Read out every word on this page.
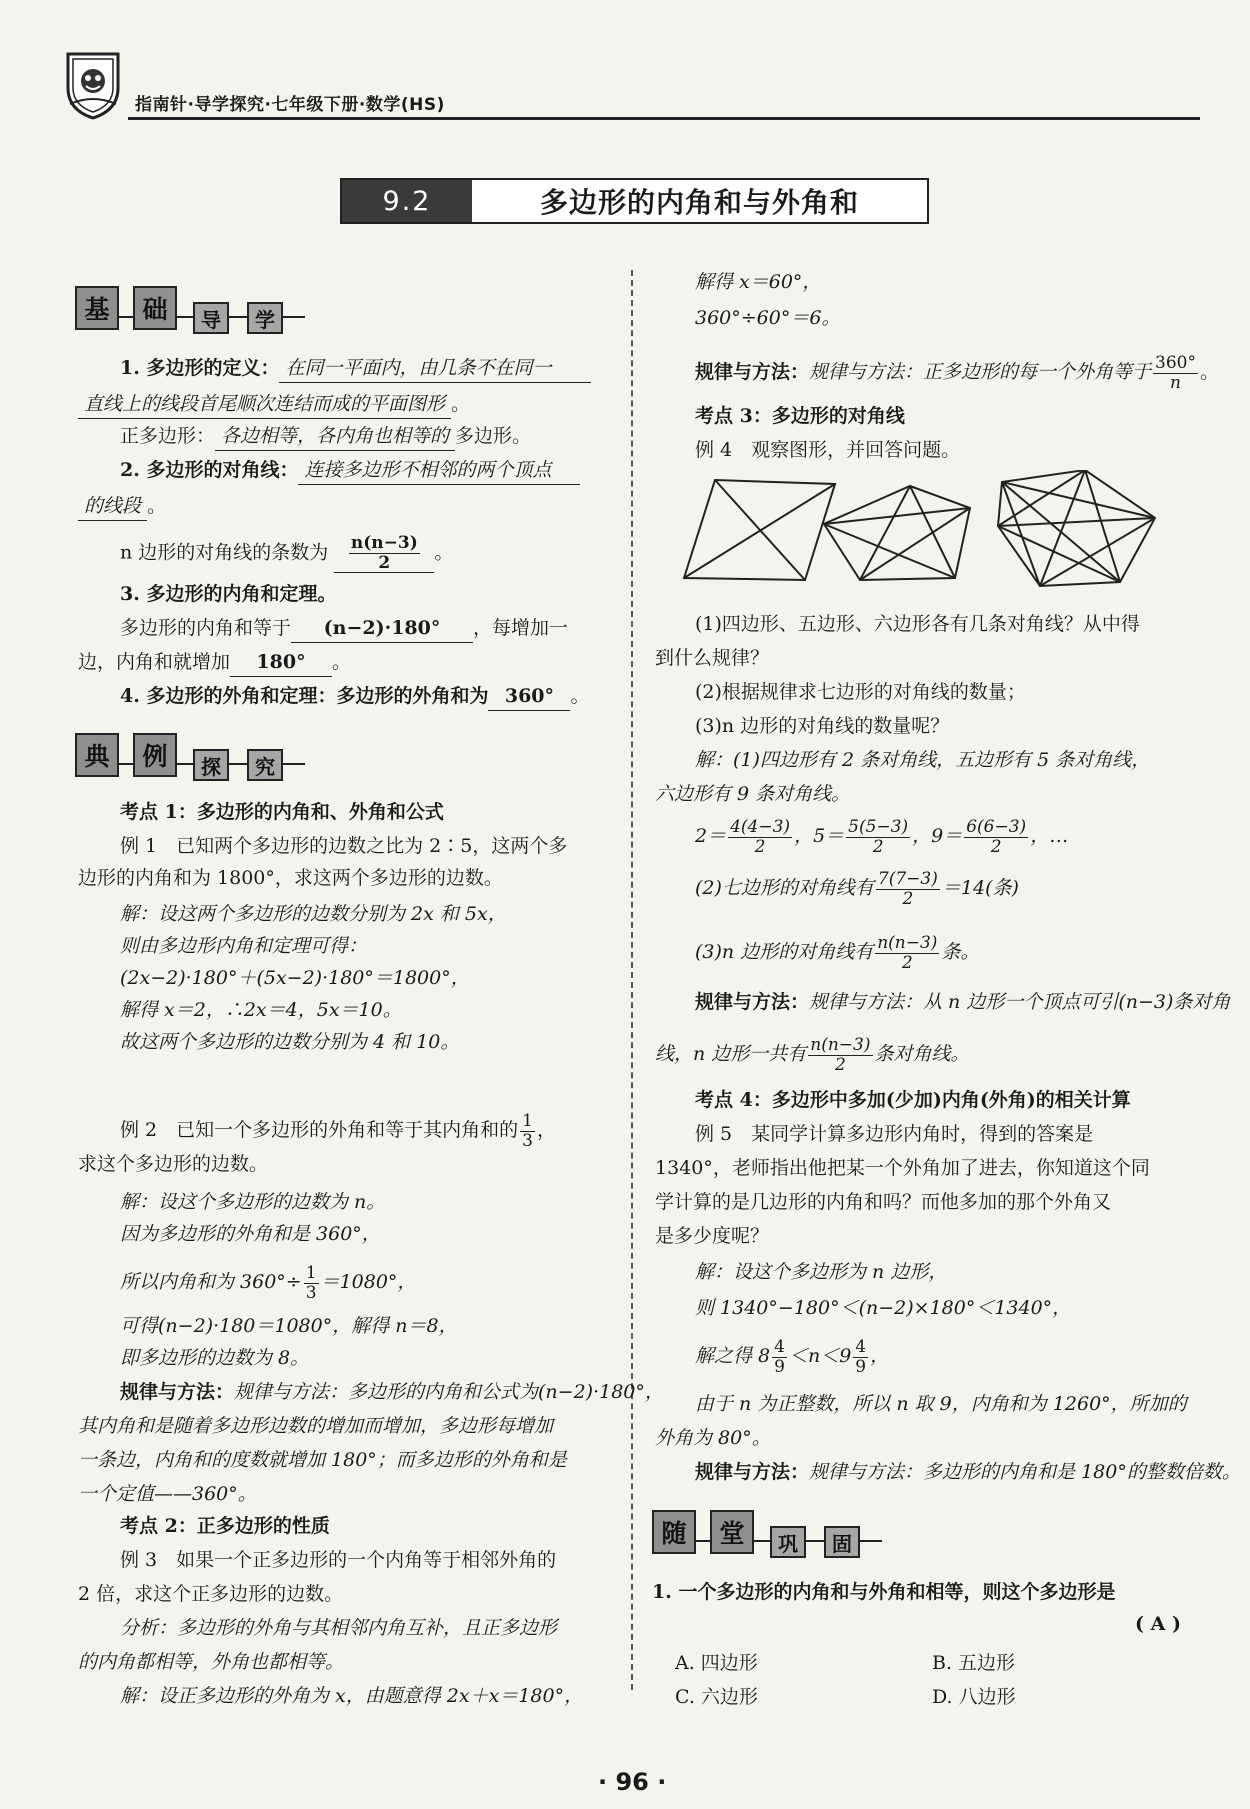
指南针·导学探究·七年级下册·数学(HS)
9.2	多边形的内角和与外角和
基	础	导	学
1. 多边形的定义： 在同一平面内，由几条不在同一
直线上的线段首尾顺次连结而成的平面图形 。
正多边形： 各边相等，各内角也相等的 多边形。
2. 多边形的对角线： 连接多边形不相邻的两个顶点
的线段 。
n 边形的对角线的条数为 $\frac{n(n-3)}{2}$ 。
3. 多边形的内角和定理。
多边形的内角和等于 (n−2)·180° ，每增加一
边，内角和就增加 180° 。
4. 多边形的外角和定理：多边形的外角和为 360° 。
典	例	探	究
考点 1：多边形的内角和、外角和公式
例 1　已知两个多边形的边数之比为 2∶5，这两个多
边形的内角和为 1800°，求这两个多边形的边数。
解：设这两个多边形的边数分别为 2x 和 5x，
则由多边形内角和定理可得：
(2x−2)·180°＋(5x−2)·180°＝1800°，
解得 x＝2，∴2x＝4，5x＝10。
故这两个多边形的边数分别为 4 和 10。
例 2　已知一个多边形的外角和等于其内角和的 $\frac{1}{3}$ ，
求这个多边形的边数。
解：设这个多边形的边数为 n。
因为多边形的外角和是 360°，
所以内角和为 $360^\circ\div \frac{1}{3} =1080^\circ$，
可得(n−2)·180＝1080°，解得 n＝8，
即多边形的边数为 8。
规律与方法：规律与方法：多边形的内角和公式为(n−2)·180°，
其内角和是随着多边形边数的增加而增加，多边形每增加
一条边，内角和的度数就增加 180°；而多边形的外角和是
一个定值——360°。
考点 2：正多边形的性质
例 3　如果一个正多边形的一个内角等于相邻外角的
2 倍，求这个正多边形的边数。
分析：多边形的外角与其相邻内角互补，且正多边形
的内角都相等，外角也都相等。
解：设正多边形的外角为 x，由题意得 2x＋x＝180°，
解得 x＝60°，
360°÷60°＝6。
规律与方法：规律与方法：正多边形的每一个外角等于 $\frac{360^\circ}{n}$ 。
考点 3：多边形的对角线
例 4　观察图形，并回答问题。
(1)四边形、五边形、六边形各有几条对角线？从中得
到什么规律？
(2)根据规律求七边形的对角线的数量；
(3)n 边形的对角线的数量呢？
解：(1)四边形有 2 条对角线，五边形有 5 条对角线，
六边形有 9 条对角线。
$2= \frac{4(4-3)}{2}$ ，$5= \frac{5(5-3)}{2}$ ，$9= \frac{6(6-3)}{2}$ ，…
(2)七边形的对角线有 $\frac{7(7-3)}{2} =14$(条)
(3)n 边形的对角线有 $\frac{n(n-3)}{2}$ 条。
规律与方法：规律与方法：从 n 边形一个顶点可引(n−3)条对角
线，n 边形一共有 $\frac{n(n-3)}{2}$ 条对角线。
考点 4：多边形中多加(少加)内角(外角)的相关计算
例 5　某同学计算多边形内角时，得到的答案是
1340°，老师指出他把某一个外角加了进去，你知道这个同
学计算的是几边形的内角和吗？而他多加的那个外角又
是多少度呢？
解：设这个多边形为 n 边形，
则 1340°−180°＜(n−2)×180°＜1340°，
解之得 $8 \frac{4}{9} <n<9 \frac{4}{9}$ ，
由于 n 为正整数，所以 n 取 9，内角和为 1260°，所加的
外角为 80°。
规律与方法：规律与方法：多边形的内角和是 180°的整数倍数。
随	堂	巩	固
1. 一个多边形的内角和与外角和相等，则这个多边形是
( A )
A. 四边形	B. 五边形
C. 六边形	D. 八边形
· 96 ·
